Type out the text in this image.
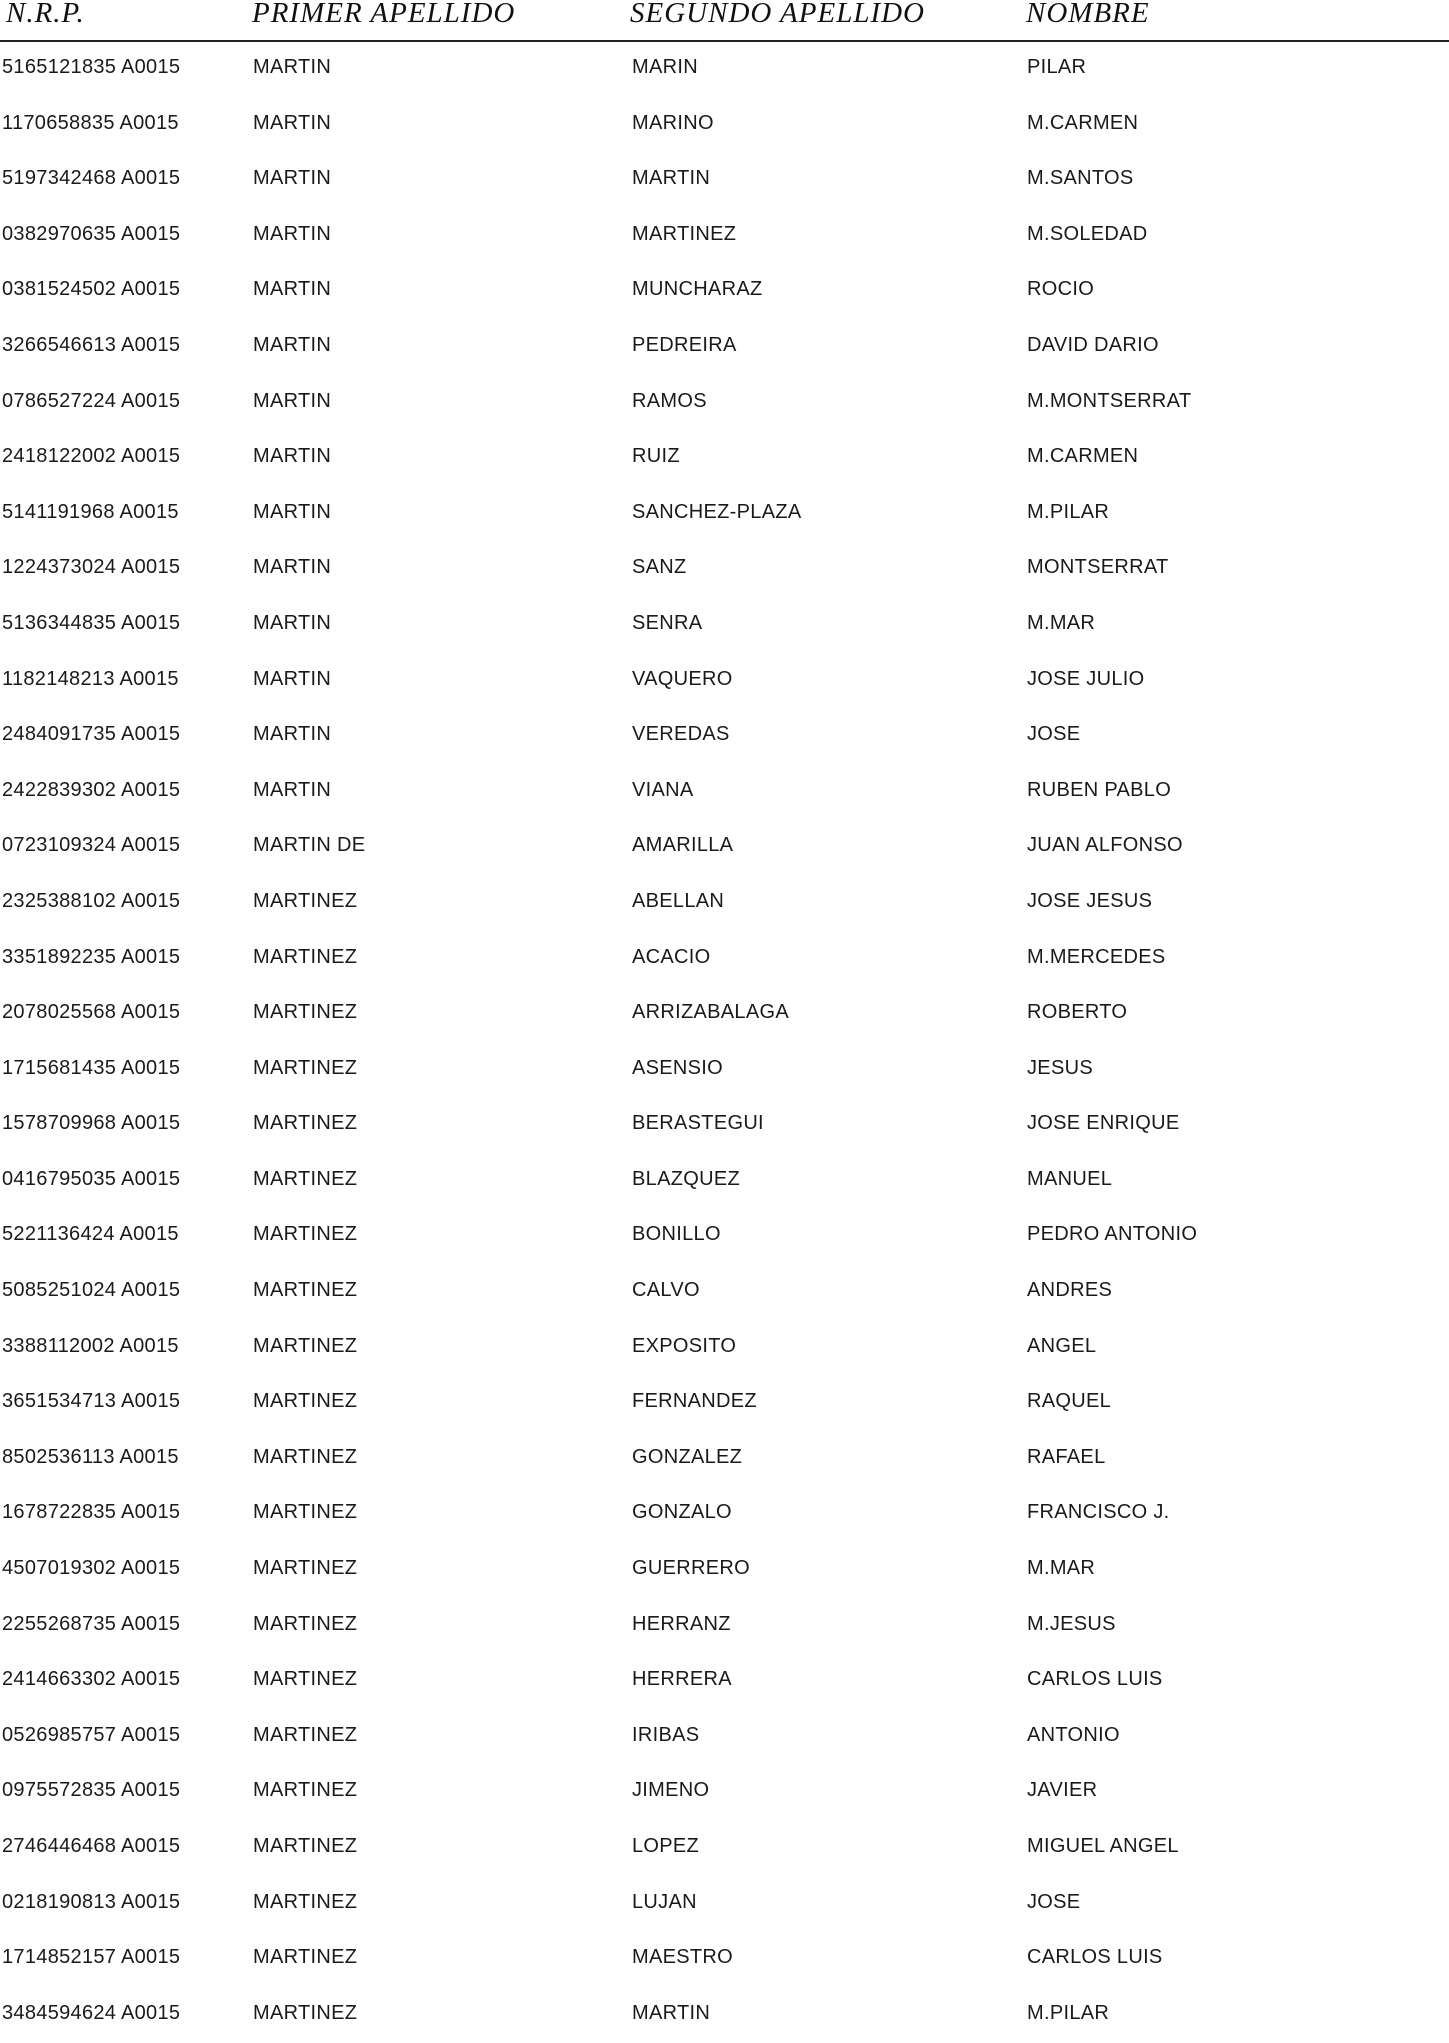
N.R.P.	PRIMER APELLIDO	SEGUNDO APELLIDO	NOMBRE
5165121835 A0015	MARTIN	MARIN	PILAR
1170658835 A0015	MARTIN	MARINO	M.CARMEN
5197342468 A0015	MARTIN	MARTIN	M.SANTOS
0382970635 A0015	MARTIN	MARTINEZ	M.SOLEDAD
0381524502 A0015	MARTIN	MUNCHARAZ	ROCIO
3266546613 A0015	MARTIN	PEDREIRA	DAVID DARIO
0786527224 A0015	MARTIN	RAMOS	M.MONTSERRAT
2418122002 A0015	MARTIN	RUIZ	M.CARMEN
5141191968 A0015	MARTIN	SANCHEZ-PLAZA	M.PILAR
1224373024 A0015	MARTIN	SANZ	MONTSERRAT
5136344835 A0015	MARTIN	SENRA	M.MAR
1182148213 A0015	MARTIN	VAQUERO	JOSE JULIO
2484091735 A0015	MARTIN	VEREDAS	JOSE
2422839302 A0015	MARTIN	VIANA	RUBEN PABLO
0723109324 A0015	MARTIN DE	AMARILLA	JUAN ALFONSO
2325388102 A0015	MARTINEZ	ABELLAN	JOSE JESUS
3351892235 A0015	MARTINEZ	ACACIO	M.MERCEDES
2078025568 A0015	MARTINEZ	ARRIZABALAGA	ROBERTO
1715681435 A0015	MARTINEZ	ASENSIO	JESUS
1578709968 A0015	MARTINEZ	BERASTEGUI	JOSE ENRIQUE
0416795035 A0015	MARTINEZ	BLAZQUEZ	MANUEL
5221136424 A0015	MARTINEZ	BONILLO	PEDRO ANTONIO
5085251024 A0015	MARTINEZ	CALVO	ANDRES
3388112002 A0015	MARTINEZ	EXPOSITO	ANGEL
3651534713 A0015	MARTINEZ	FERNANDEZ	RAQUEL
8502536113 A0015	MARTINEZ	GONZALEZ	RAFAEL
1678722835 A0015	MARTINEZ	GONZALO	FRANCISCO J.
4507019302 A0015	MARTINEZ	GUERRERO	M.MAR
2255268735 A0015	MARTINEZ	HERRANZ	M.JESUS
2414663302 A0015	MARTINEZ	HERRERA	CARLOS LUIS
0526985757 A0015	MARTINEZ	IRIBAS	ANTONIO
0975572835 A0015	MARTINEZ	JIMENO	JAVIER
2746446468 A0015	MARTINEZ	LOPEZ	MIGUEL ANGEL
0218190813 A0015	MARTINEZ	LUJAN	JOSE
1714852157 A0015	MARTINEZ	MAESTRO	CARLOS LUIS
3484594624 A0015	MARTINEZ	MARTIN	M.PILAR
